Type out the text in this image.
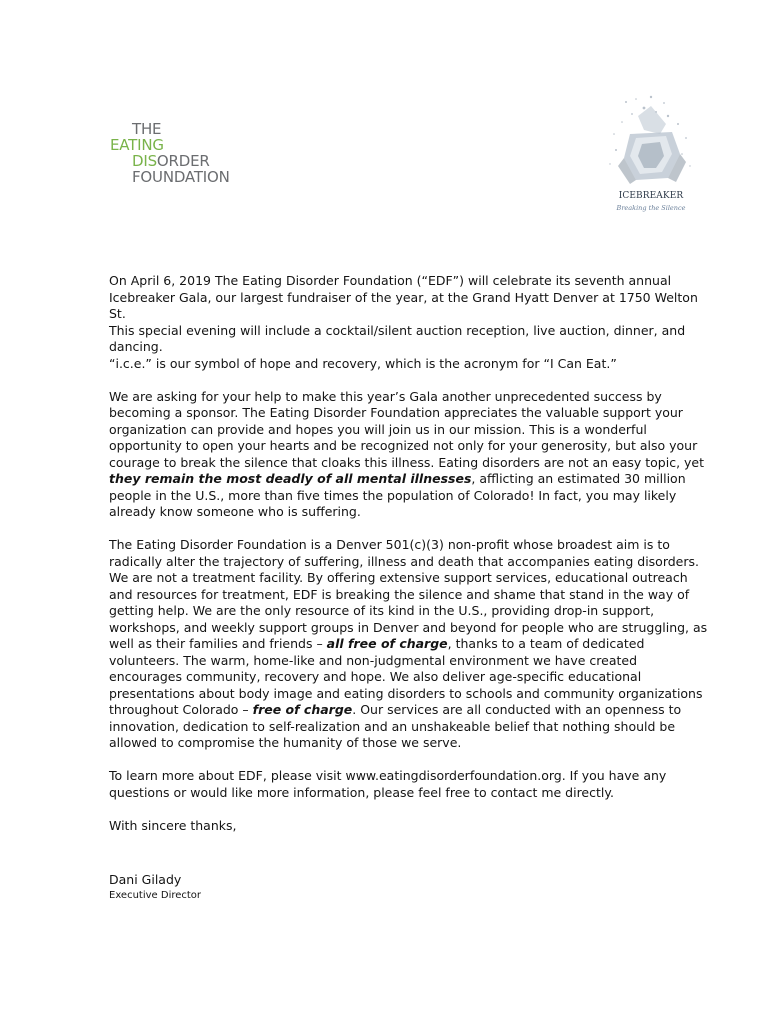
THE
EATING
DISORDER
FOUNDATION
ICEBREAKER
Breaking the Silence

On April 6, 2019 The Eating Disorder Foundation (“EDF”) will celebrate its seventh annual

Icebreaker Gala, our largest fundraiser of the year, at the Grand Hyatt Denver at 1750 Welton St.

This special evening will include a cocktail/silent auction reception, live auction, dinner, and dancing.

“i.c.e.” is our symbol of hope and recovery, which is the acronym for “I Can Eat.”

We are asking for your help to make this year’s Gala another unprecedented success by becoming a sponsor. The Eating Disorder Foundation appreciates the valuable support your organization can provide and hopes you will join us in our mission. This is a wonderful opportunity to open your hearts and be recognized not only for your generosity, but also your courage to break the silence that cloaks this illness. Eating disorders are not an easy topic, yet they remain the most deadly of all mental illnesses, afflicting an estimated 30 million people in the U.S., more than five times the population of Colorado! In fact, you may likely already know someone who is suffering.

The Eating Disorder Foundation is a Denver 501(c)(3) non-profit whose broadest aim is to radically alter the trajectory of suffering, illness and death that accompanies eating disorders. We are not a treatment facility. By offering extensive support services, educational outreach and resources for treatment, EDF is breaking the silence and shame that stand in the way of getting help. We are the only resource of its kind in the U.S., providing drop-in support, workshops, and weekly support groups in Denver and beyond for people who are struggling, as well as their families and friends – all free of charge, thanks to a team of dedicated volunteers. The warm, home-like and non-judgmental environment we have created encourages community, recovery and hope. We also deliver age-specific educational presentations about body image and eating disorders to schools and community organizations throughout Colorado – free of charge. Our services are all conducted with an openness to innovation, dedication to self-realization and an unshakeable belief that nothing should be allowed to compromise the humanity of those we serve.

To learn more about EDF, please visit www.eatingdisorderfoundation.org. If you have any questions or would like more information, please feel free to contact me directly.

With sincere thanks,

Dani Gilady

Executive Director
